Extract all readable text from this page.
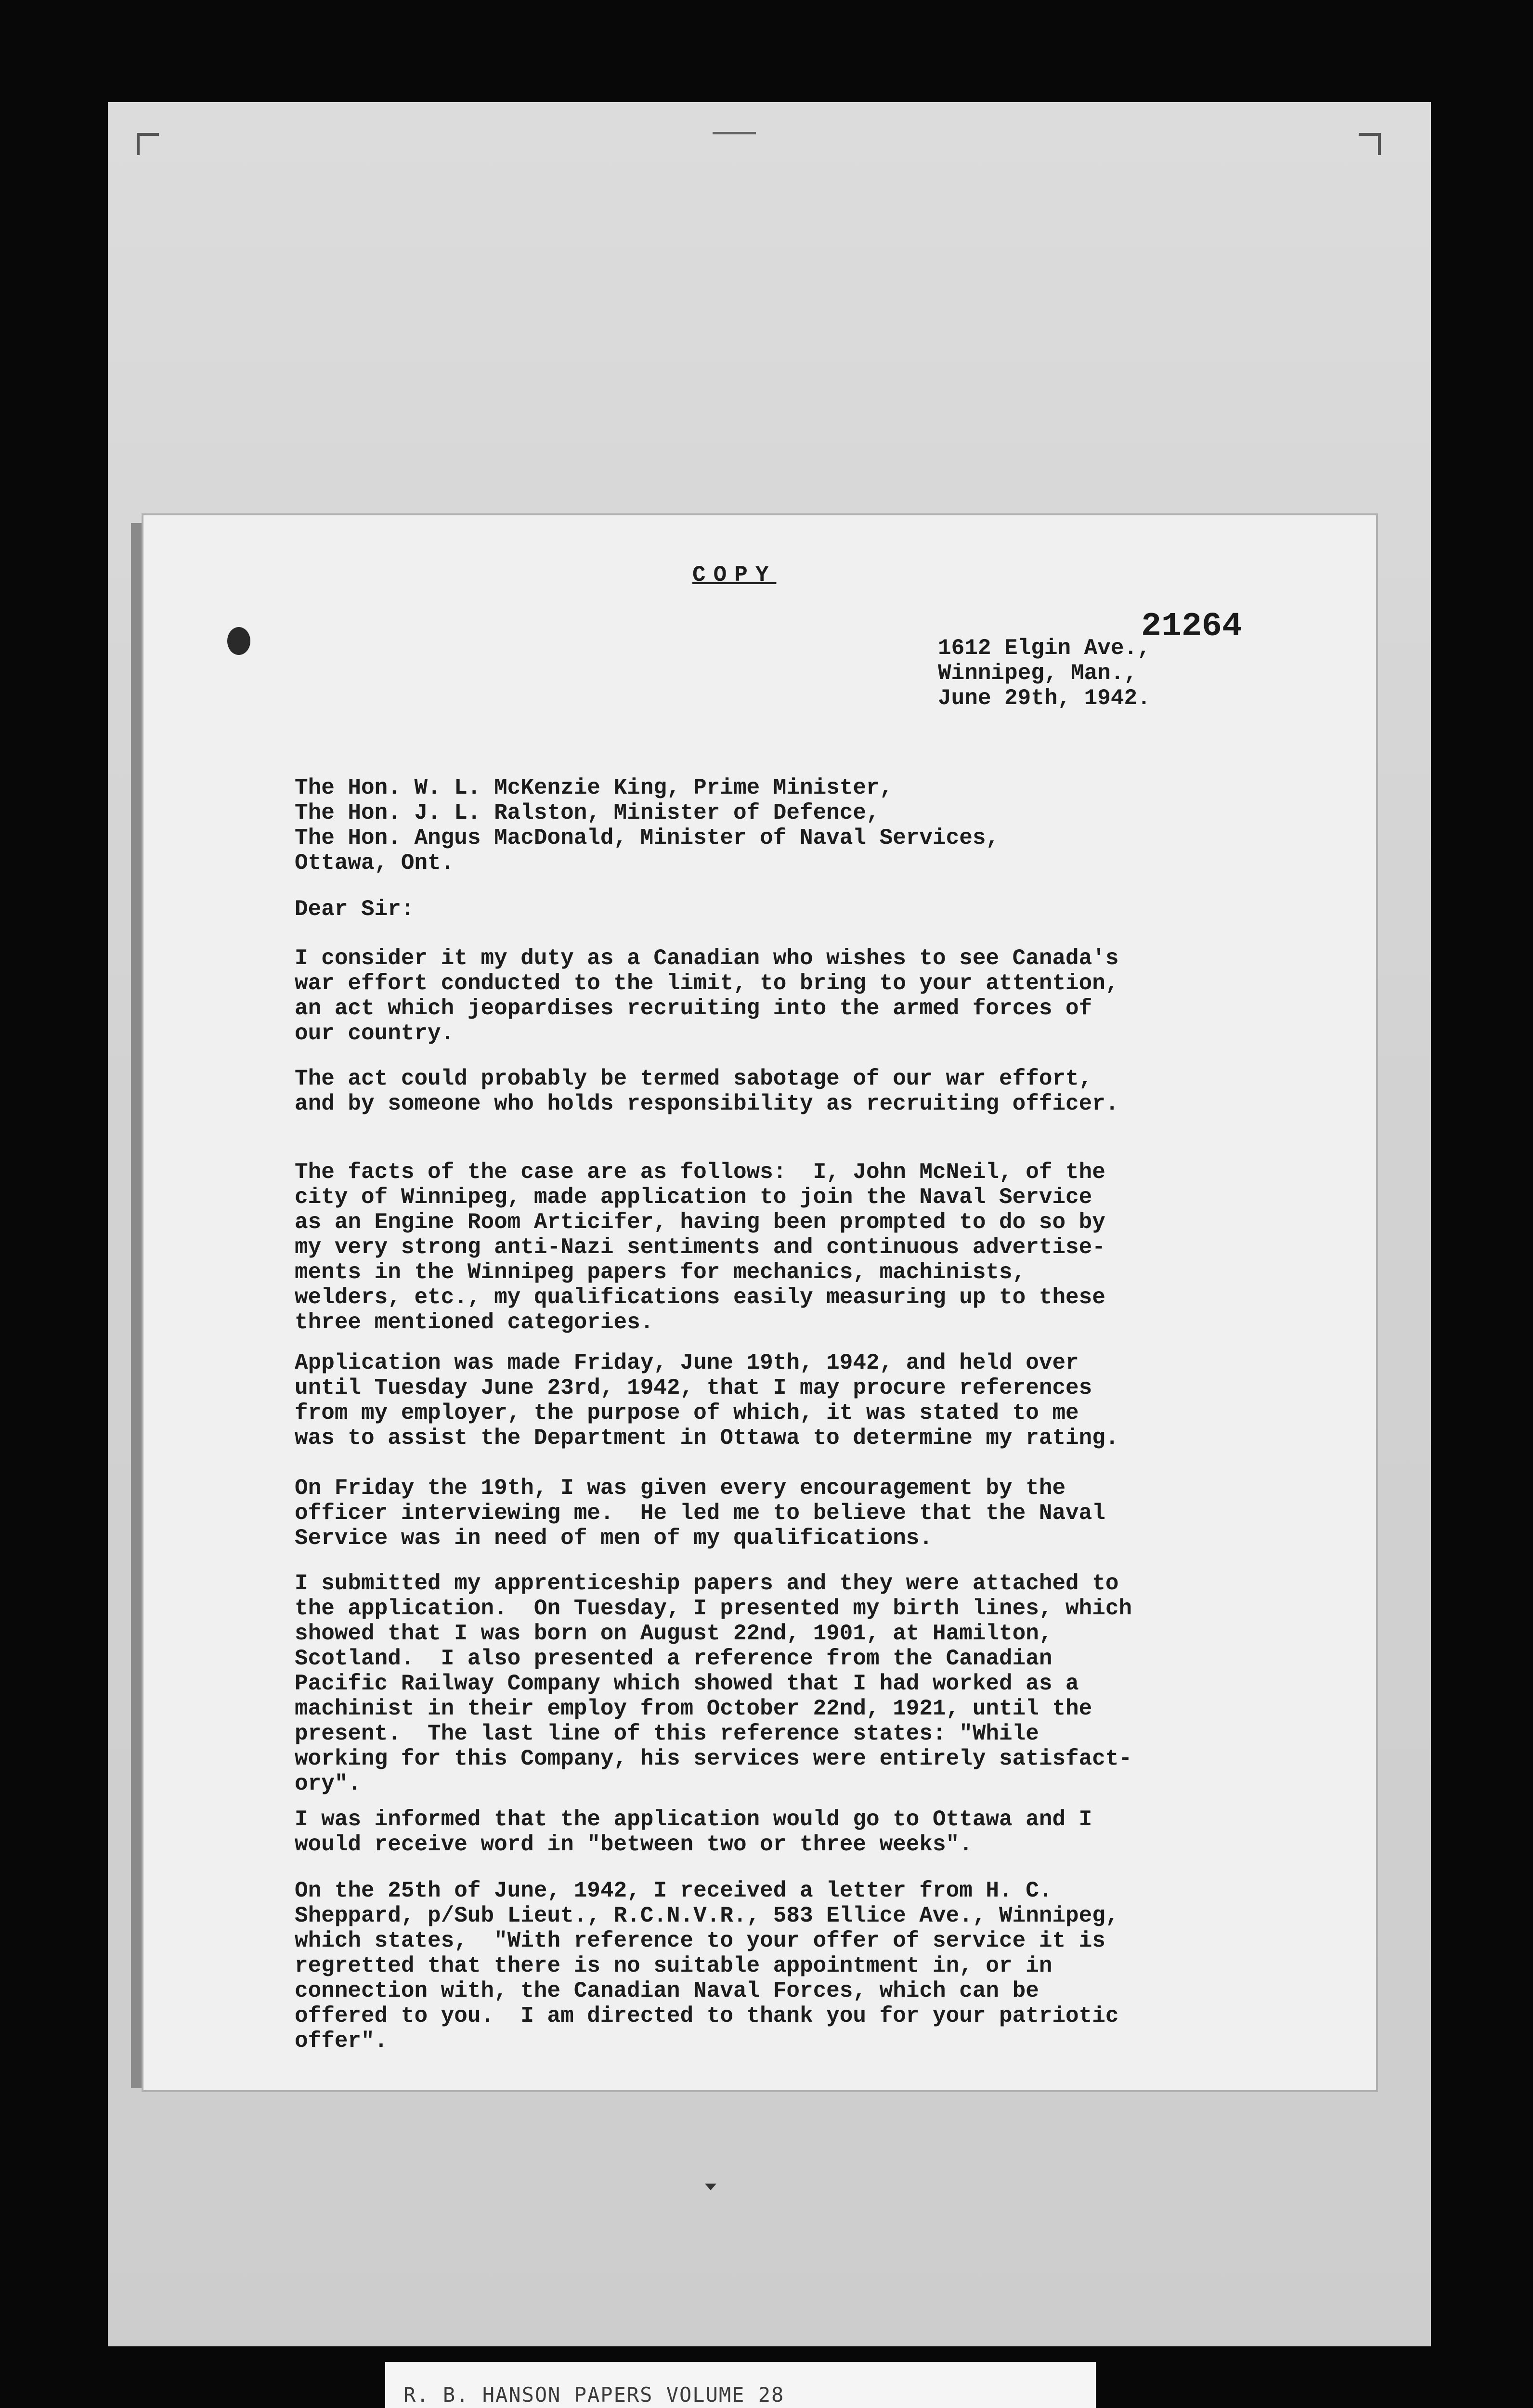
COPY
21264

1612 Elgin Ave.,

Winnipeg, Man.,

June 29th, 1942.

The Hon. W. L. McKenzie King, Prime Minister,

The Hon. J. L. Ralston, Minister of Defence,

The Hon. Angus MacDonald, Minister of Naval Services,

Ottawa, Ont.

Dear Sir:

I consider it my duty as a Canadian who wishes to see Canada's
war effort conducted to the limit, to bring to your attention,
an act which jeopardises recruiting into the armed forces of
our country.

The act could probably be termed sabotage of our war effort,
and by someone who holds responsibility as recruiting officer.

The facts of the case are as follows:  I, John McNeil, of the
city of Winnipeg, made application to join the Naval Service
as an Engine Room Articifer, having been prompted to do so by
my very strong anti-Nazi sentiments and continuous advertise-
ments in the Winnipeg papers for mechanics, machinists,
welders, etc., my qualifications easily measuring up to these
three mentioned categories.

Application was made Friday, June 19th, 1942, and held over
until Tuesday June 23rd, 1942, that I may procure references
from my employer, the purpose of which, it was stated to me
was to assist the Department in Ottawa to determine my rating.

On Friday the 19th, I was given every encouragement by the
officer interviewing me.  He led me to believe that the Naval
Service was in need of men of my qualifications.

I submitted my apprenticeship papers and they were attached to
the application.  On Tuesday, I presented my birth lines, which
showed that I was born on August 22nd, 1901, at Hamilton,
Scotland.  I also presented a reference from the Canadian
Pacific Railway Company which showed that I had worked as a
machinist in their employ from October 22nd, 1921, until the
present.  The last line of this reference states: "While
working for this Company, his services were entirely satisfact-
ory".

I was informed that the application would go to Ottawa and I
would receive word in "between two or three weeks".

On the 25th of June, 1942, I received a letter from H. C.
Sheppard, p/Sub Lieut., R.C.N.V.R., 583 Ellice Ave., Winnipeg,
which states,  "With reference to your offer of service it is
regretted that there is no suitable appointment in, or in
connection with, the Canadian Naval Forces, which can be
offered to you.  I am directed to thank you for your patriotic
offer".

R. B. HANSON PAPERS VOLUME 28
